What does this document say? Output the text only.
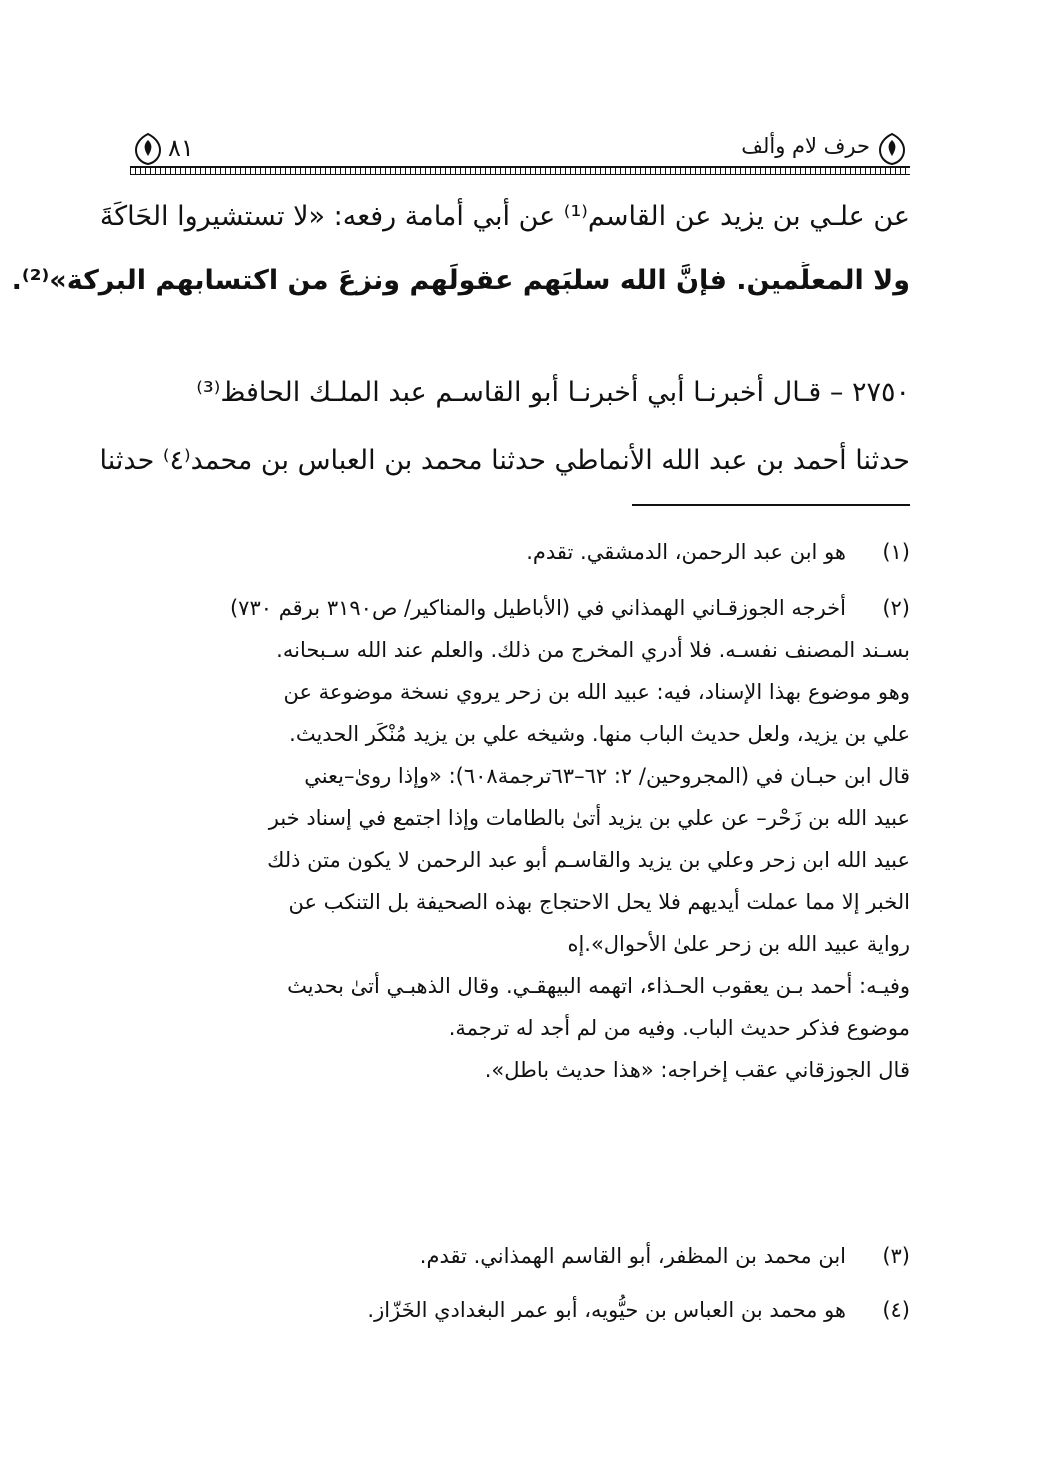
٨١	حرف لام وألف
عن علـي بن يزيد عن القاسم⁽¹⁾ عن أبي أمامة رفعه: «لا تستشيروا الحَاكَةَ
ولا المعلِّمين. فإنَّ الله سلبَهم عقولَهم ونزعَ من اكتسابهم البركة»⁽²⁾.
٢٧٥٠ – قـال أخبرنـا أبي أخبرنـا أبو القاسـم عبد الملـك الحافظ⁽³⁾
حدثنا أحمد بن عبد الله الأنماطي حدثنا محمد بن العباس بن محمد⁽٤⁾ حدثنا
(١)
هو ابن عبد الرحمن، الدمشقي. تقدم.
(٢)
أخرجه الجوزقـاني الهمذاني في (الأباطيل والمناكير/ ص٣١٩٠ برقم ٧٣٠)
بسـند المصنف نفسـه. فلا أدري المخرج من ذلك. والعلم عند الله سـبحانه.
وهو موضوع بهذا الإسناد، فيه: عبيد الله بن زحر يروي نسخة موضوعة عن
علي بن يزيد، ولعل حديث الباب منها. وشيخه علي بن يزيد مُنْكَر الحديث.
قال ابن حبـان في (المجروحين/ ٢: ٦٢–٦٣ترجمة٦٠٨): «وإذا روىٰ–يعني
عبيد الله بن زَحْر– عن علي بن يزيد أتىٰ بالطامات وإذا اجتمع في إسناد خبر
عبيد الله ابن زحر وعلي بن يزيد والقاسـم أبو عبد الرحمن لا يكون متن ذلك
الخبر إلا مما عملت أيديهم فلا يحل الاحتجاج بهذه الصحيفة بل التنكب عن
رواية عبيد الله بن زحر علىٰ الأحوال».إه
وفيـه: أحمد بـن يعقوب الحـذاء، اتهمه البيهقـي. وقال الذهبـي أتىٰ بحديث
موضوع فذكر حديث الباب. وفيه من لم أجد له ترجمة.
قال الجوزقاني عقب إخراجه: «هذا حديث باطل».
(٣)
ابن محمد بن المظفر، أبو القاسم الهمذاني. تقدم.
(٤)
هو محمد بن العباس بن حيُّويه، أبو عمر البغدادي الخَزّاز.
